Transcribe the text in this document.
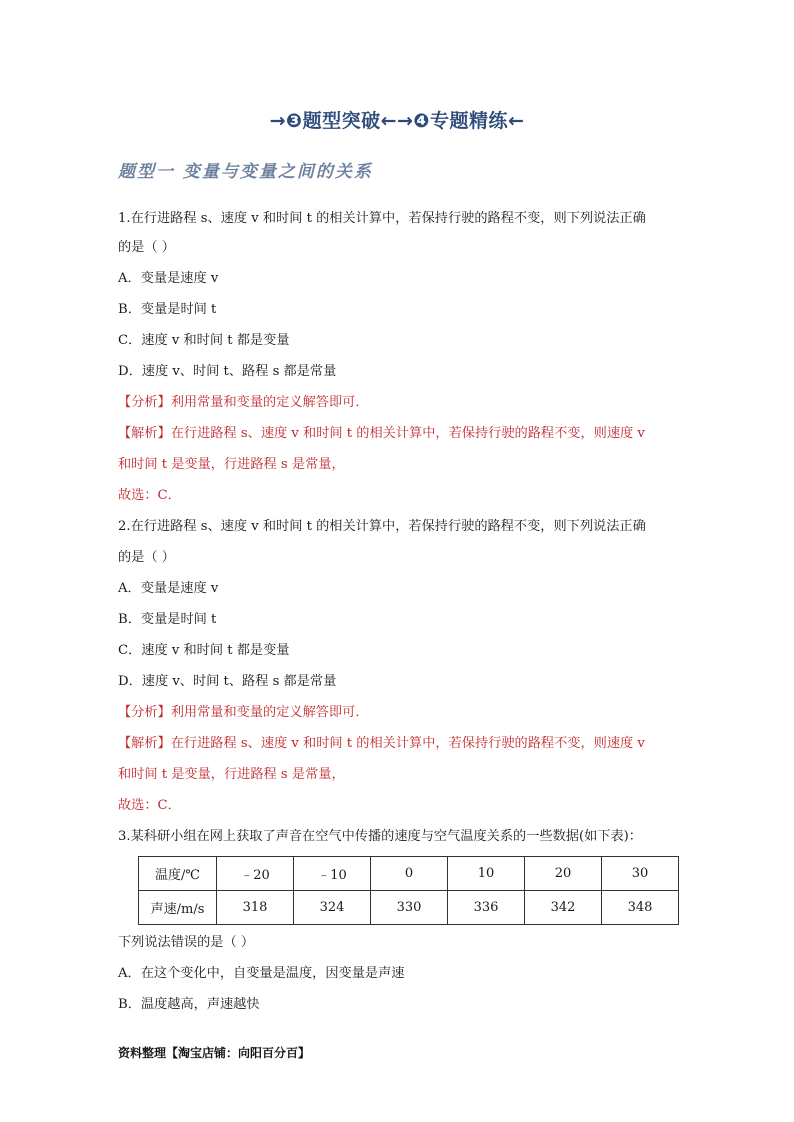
→❸题型突破←→❹专题精练←
题型一 变量与变量之间的关系
1.在行进路程 s、速度 v 和时间 t 的相关计算中，若保持行驶的路程不变，则下列说法正确
的是（ ）
A．变量是速度 v
B．变量是时间 t
C．速度 v 和时间 t 都是变量
D．速度 v、时间 t、路程 s 都是常量
【分析】利用常量和变量的定义解答即可．
【解析】在行进路程 s、速度 v 和时间 t 的相关计算中，若保持行驶的路程不变，则速度 v
和时间 t 是变量，行进路程 s 是常量，
故选：C．
2.在行进路程 s、速度 v 和时间 t 的相关计算中，若保持行驶的路程不变，则下列说法正确
的是（ ）
A．变量是速度 v
B．变量是时间 t
C．速度 v 和时间 t 都是变量
D．速度 v、时间 t、路程 s 都是常量
【分析】利用常量和变量的定义解答即可．
【解析】在行进路程 s、速度 v 和时间 t 的相关计算中，若保持行驶的路程不变，则速度 v
和时间 t 是变量，行进路程 s 是常量，
故选：C．
3.某科研小组在网上获取了声音在空气中传播的速度与空气温度关系的一些数据(如下表)：
温度/℃	﹣20	﹣10	0	10	20	30
声速/m/s	318	324	330	336	342	348
下列说法错误的是（ ）
A．在这个变化中，自变量是温度，因变量是声速
B．温度越高，声速越快
资料整理【淘宝店铺：向阳百分百】
